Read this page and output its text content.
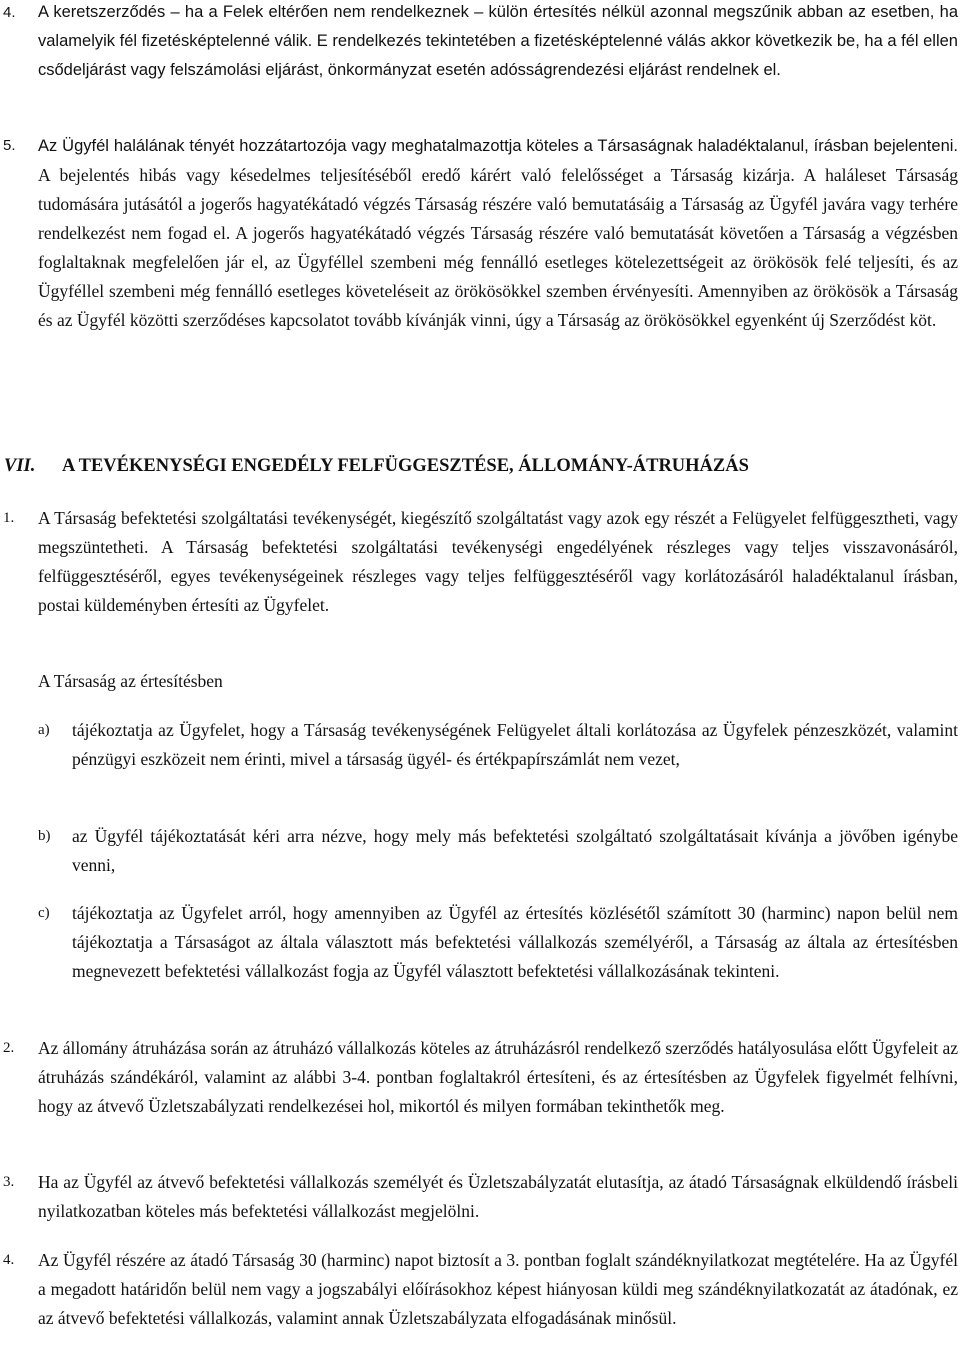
4. A keretszerződés – ha a Felek eltérően nem rendelkeznek – külön értesítés nélkül azonnal megszűnik abban az esetben, ha valamelyik fél fizetésképtelenné válik. E rendelkezés tekintetében a fizetésképtelenné válás akkor következik be, ha a fél ellen csődeljárást vagy felszámolási eljárást, önkormányzat esetén adósságrendezési eljárást rendelnek el.
5. Az Ügyfél halálának tényét hozzátartozója vagy meghatalmazottja köteles a Társaságnak haladéktalanul, írásban bejelenteni. A bejelentés hibás vagy késedelmes teljesítéséből eredő kárért való felelősséget a Társaság kizárja. A haláleset Társaság tudomására jutásától a jogerős hagyatékátadó végzés Társaság részére való bemutatásáig a Társaság az Ügyfél javára vagy terhére rendelkezést nem fogad el. A jogerős hagyatékátadó végzés Társaság részére való bemutatását követően a Társaság a végzésben foglaltaknak megfelelően jár el, az Ügyféllel szembeni még fennálló esetleges kötelezettségeit az örökösök felé teljesíti, és az Ügyféllel szembeni még fennálló esetleges követeléseit az örökösökkel szemben érvényesíti. Amennyiben az örökösök a Társaság és az Ügyfél közötti szerződéses kapcsolatot tovább kívánják vinni, úgy a Társaság az örökösökkel egyenként új Szerződést köt.
VII. A TEVÉKENYSÉGI ENGEDÉLY FELFÜGGESZTÉSE, ÁLLOMÁNY-ÁTRUHÁZÁS
1. A Társaság befektetési szolgáltatási tevékenységét, kiegészítő szolgáltatást vagy azok egy részét a Felügyelet felfüggesztheti, vagy megszüntetheti. A Társaság befektetési szolgáltatási tevékenységi engedélyének részleges vagy teljes visszavonásáról, felfüggesztéséről, egyes tevékenységeinek részleges vagy teljes felfüggesztéséről vagy korlátozásáról haladéktalanul írásban, postai küldeményben értesíti az Ügyfelet.
A Társaság az értesítésben
a) tájékoztatja az Ügyfelet, hogy a Társaság tevékenységének Felügyelet általi korlátozása az Ügyfelek pénzeszközét, valamint pénzügyi eszközeit nem érinti, mivel a társaság ügyél- és értékpapírszámlát nem vezet,
b) az Ügyfél tájékoztatását kéri arra nézve, hogy mely más befektetési szolgáltató szolgáltatásait kívánja a jövőben igénybe venni,
c) tájékoztatja az Ügyfelet arról, hogy amennyiben az Ügyfél az értesítés közlésétől számított 30 (harminc) napon belül nem tájékoztatja a Társaságot az általa választott más befektetési vállalkozás személyéről, a Társaság az általa az értesítésben megnevezett befektetési vállalkozást fogja az Ügyfél választott befektetési vállalkozásának tekinteni.
2. Az állomány átruházása során az átruházó vállalkozás köteles az átruházásról rendelkező szerződés hatályosulása előtt Ügyfeleit az átruházás szándékáról, valamint az alábbi 3-4. pontban foglaltakról értesíteni, és az értesítésben az Ügyfelek figyelmét felhívni, hogy az átvevő Üzletszabályzati rendelkezései hol, mikortól és milyen formában tekinthetők meg.
3. Ha az Ügyfél az átvevő befektetési vállalkozás személyét és Üzletszabályzatát elutasítja, az átadó Társaságnak elküldendő írásbeli nyilatkozatban köteles más befektetési vállalkozást megjelölni.
4. Az Ügyfél részére az átadó Társaság 30 (harminc) napot biztosít a 3. pontban foglalt szándéknyilatkozat megtételére. Ha az Ügyfél a megadott határidőn belül nem vagy a jogszabályi előírásokhoz képest hiányosan küldi meg szándéknyilatkozatát az átadónak, ez az átvevő befektetési vállalkozás, valamint annak Üzletszabályzata elfogadásának minősül.
